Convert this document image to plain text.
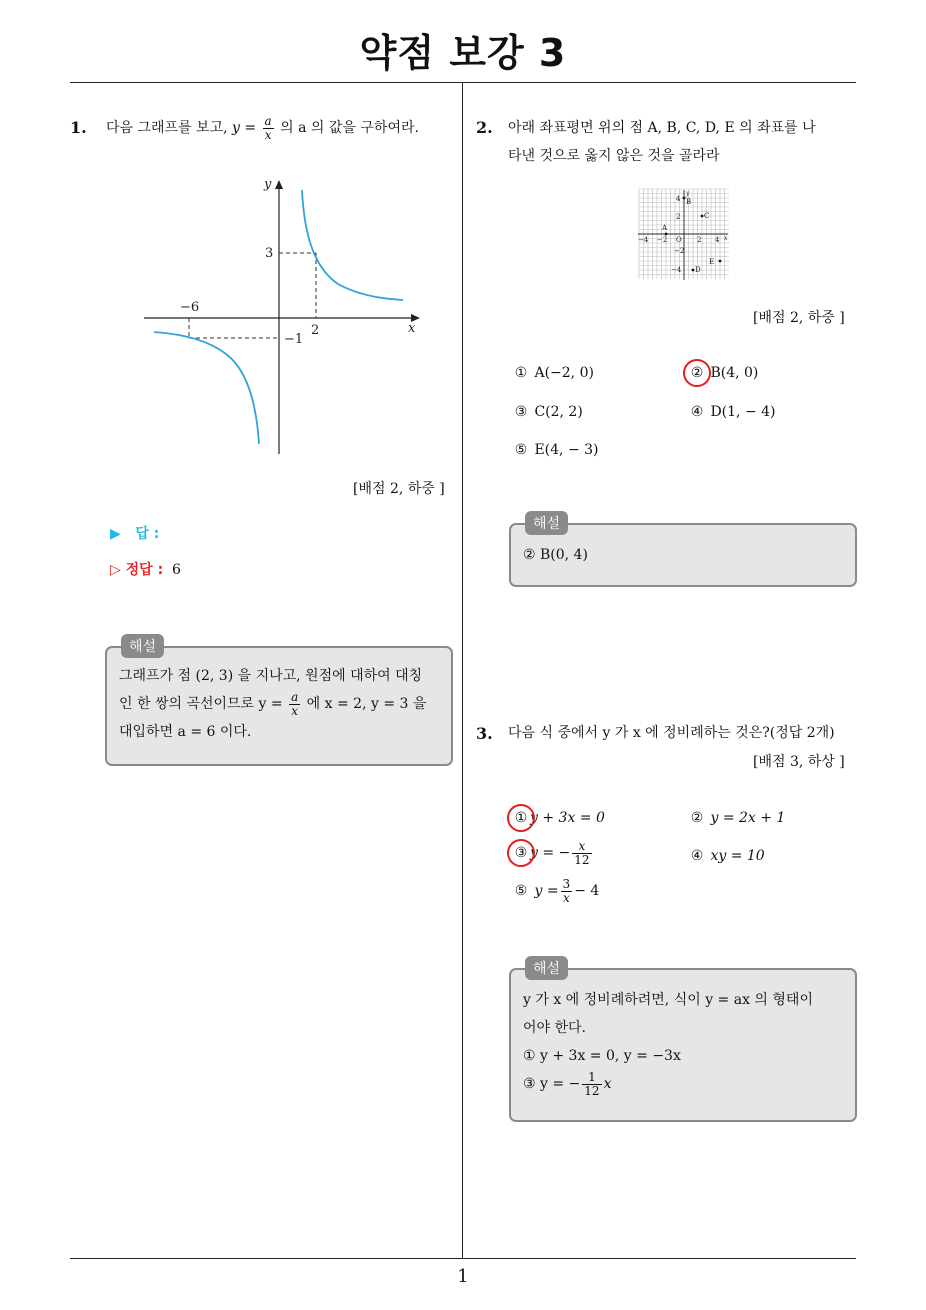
약점 보강 3
1. 다음 그래프를 보고, $y = \frac{a}{x}$ 의 a 의 값을 구하여라.
y
x
3
−6
2
−1
[배점 2, 하중 ]
▶   답 :
▷ 정답 : 6
해설
그래프가 점 (2, 3) 을 지나고, 원점에 대하여 대칭
인 한 쌍의 곡선이므로 $y = \frac{a}{x}$ 에 x = 2, y = 3 을
대입하면 a = 6 이다.
2. 아래 좌표평면 위의 점 A, B, C, D, E 의 좌표를 나
타낸 것으로 옳지 않은 것을 골라라
y
x
−4 −2 O 2 4
4
2
−2
−4
A
B
C
D
E
[배점 2, 하중 ]
① A(−2, 0)	② B(4, 0)
③ C(2, 2)	④ D(1, − 4)
⑤ E(4, − 3)
해설
② B(0, 4)
3. 다음 식 중에서 y 가 x 에 정비례하는 것은?(정답 2개)
[배점 3, 하상 ]
① y + 3x = 0	② y = 2x + 1
③ y = − $\frac{x}{12}$	④ xy = 10
⑤ $y = \frac{3}{x} - 4$
해설
y 가 x 에 정비례하려면, 식이 y = ax 의 형태이
어야 한다.
① y + 3x = 0, y = −3x
③ y = − $\frac{1}{12}$ x
1
